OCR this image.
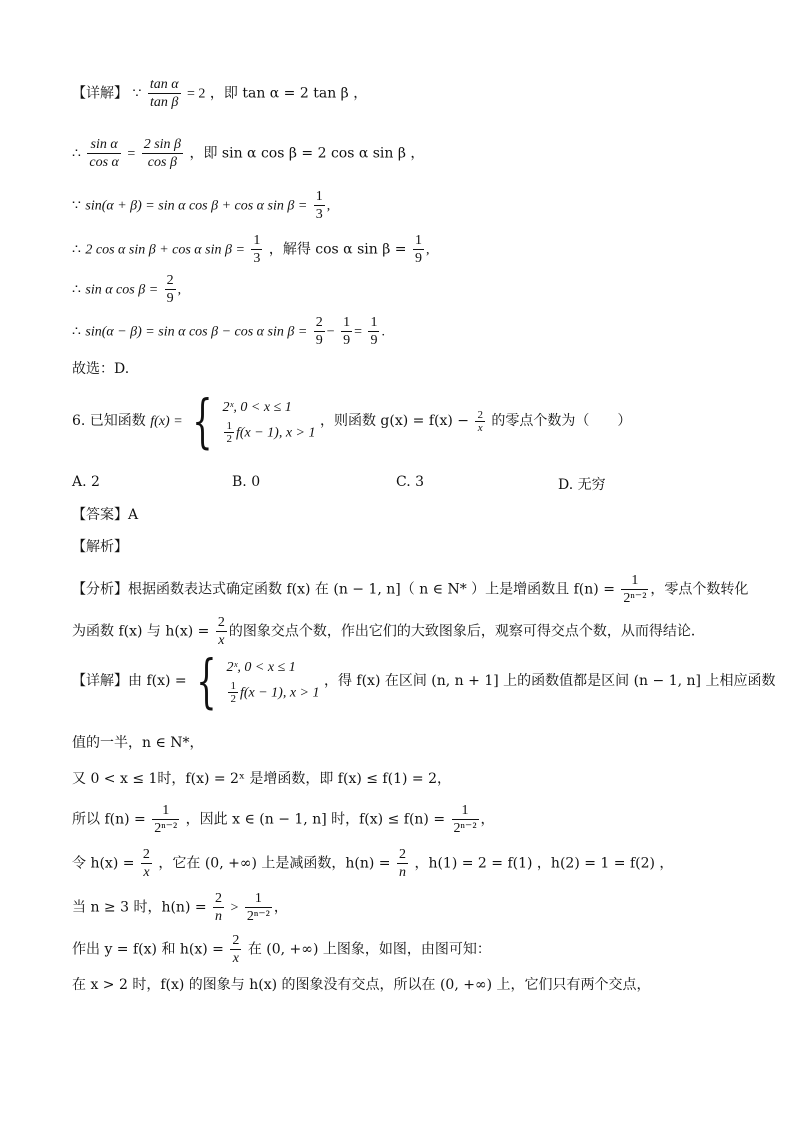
【详解】 ∵ $\frac{\text{tan α}}{\text{tan β}} = 2$ ，即 tan α = 2 tan β ，
∴ $\frac{\text{sin α}}{\text{cos α}} = \frac{\text{2 sin β}}{\text{cos β}}$ ，即 sin α cos β = 2 cos α sin β ，
∵ sin(α + β) = sin α cos β + cos α $\sin \beta = \frac{1}{3}$ ,
∴ 2 cos α sin β + cos α $\sin \beta = \frac{1}{3}$ ，解得 cos α $\sin \beta = \frac{1}{9}$ ,
∴ sin α $\cos \beta = \frac{2}{9}$ ,
∴ sin(α − β) = sin α cos β − cos α $\sin \beta = \frac{2}{9} - \frac{1}{9} = \frac{1}{9}$ .
故选：D.
6. 已知函数 f(x) = { 2ˣ, 0 < x ≤ 1
$\frac{1}{2} f(x - 1)$, x > 1
，则函数 $g(x) = f(x) - \frac{2}{x}$ 的零点个数为（　　）
A. 2	B. 0	C. 3	D. 无穷
【答案】A
【解析】
【分析】根据函数表达式确定函数 f(x) 在 (n − 1, n]（ n ∈ N* ）上是增函数且 $f(n) = \frac{1}{\text{2ⁿ⁻²}}$ ，零点个数转化
为函数 f(x) 与 $h(x) = \frac{2}{x}$ 的图象交点个数，作出它们的大致图象后，观察可得交点个数，从而得结论．
【详解】由 f(x) = { 2ˣ, 0 < x ≤ 1
$\frac{1}{2} f(x - 1)$, x > 1
，得 f(x) 在区间 (n, n + 1] 上的函数值都是区间 (n − 1, n] 上相应函数
值的一半，n ∈ N*，
又 0 < x ≤ 1时，f(x) = 2ˣ 是增函数，即 f(x) ≤ f(1) = 2，
所以 $f(n) = \frac{1}{\text{2ⁿ⁻²}}$ ，因此 x ∈ (n − 1, n] 时，$f(x) \le f(n) = \frac{1}{\text{2ⁿ⁻²}}$ ，
令 $h(x) = \frac{2}{x}$ ，它在 (0, +∞) 上是减函数，$h(n) = \frac{2}{n}$ ，h(1) = 2 = f(1) ，h(2) = 1 = f(2) ，
当 n ≥ 3 时，$h(n) = \frac{2}{n} > \frac{1}{\text{2ⁿ⁻²}}$ ，
作出 y = f(x) 和 $h(x) = \frac{2}{x}$ 在 (0, +∞) 上图象，如图，由图可知：
在 x > 2 时，f(x) 的图象与 h(x) 的图象没有交点，所以在 (0, +∞) 上，它们只有两个交点，
